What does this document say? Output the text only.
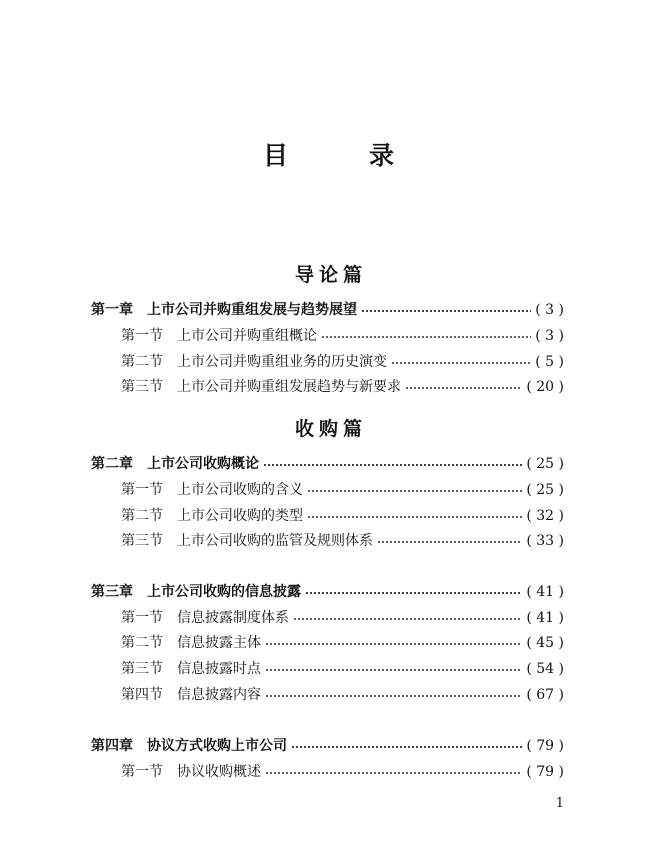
目　录
导论篇
第一章 上市公司并购重组发展与趋势展望	( 3 )
第一节 上市公司并购重组概论	( 3 )
第二节 上市公司并购重组业务的历史演变	( 5 )
第三节 上市公司并购重组发展趋势与新要求	( 20 )
收购篇
第二章 上市公司收购概论	( 25 )
第一节 上市公司收购的含义	( 25 )
第二节 上市公司收购的类型	( 32 )
第三节 上市公司收购的监管及规则体系	( 33 )
第三章 上市公司收购的信息披露	( 41 )
第一节 信息披露制度体系	( 41 )
第二节 信息披露主体	( 45 )
第三节 信息披露时点	( 54 )
第四节 信息披露内容	( 67 )
第四章 协议方式收购上市公司	( 79 )
第一节 协议收购概述	( 79 )
1
